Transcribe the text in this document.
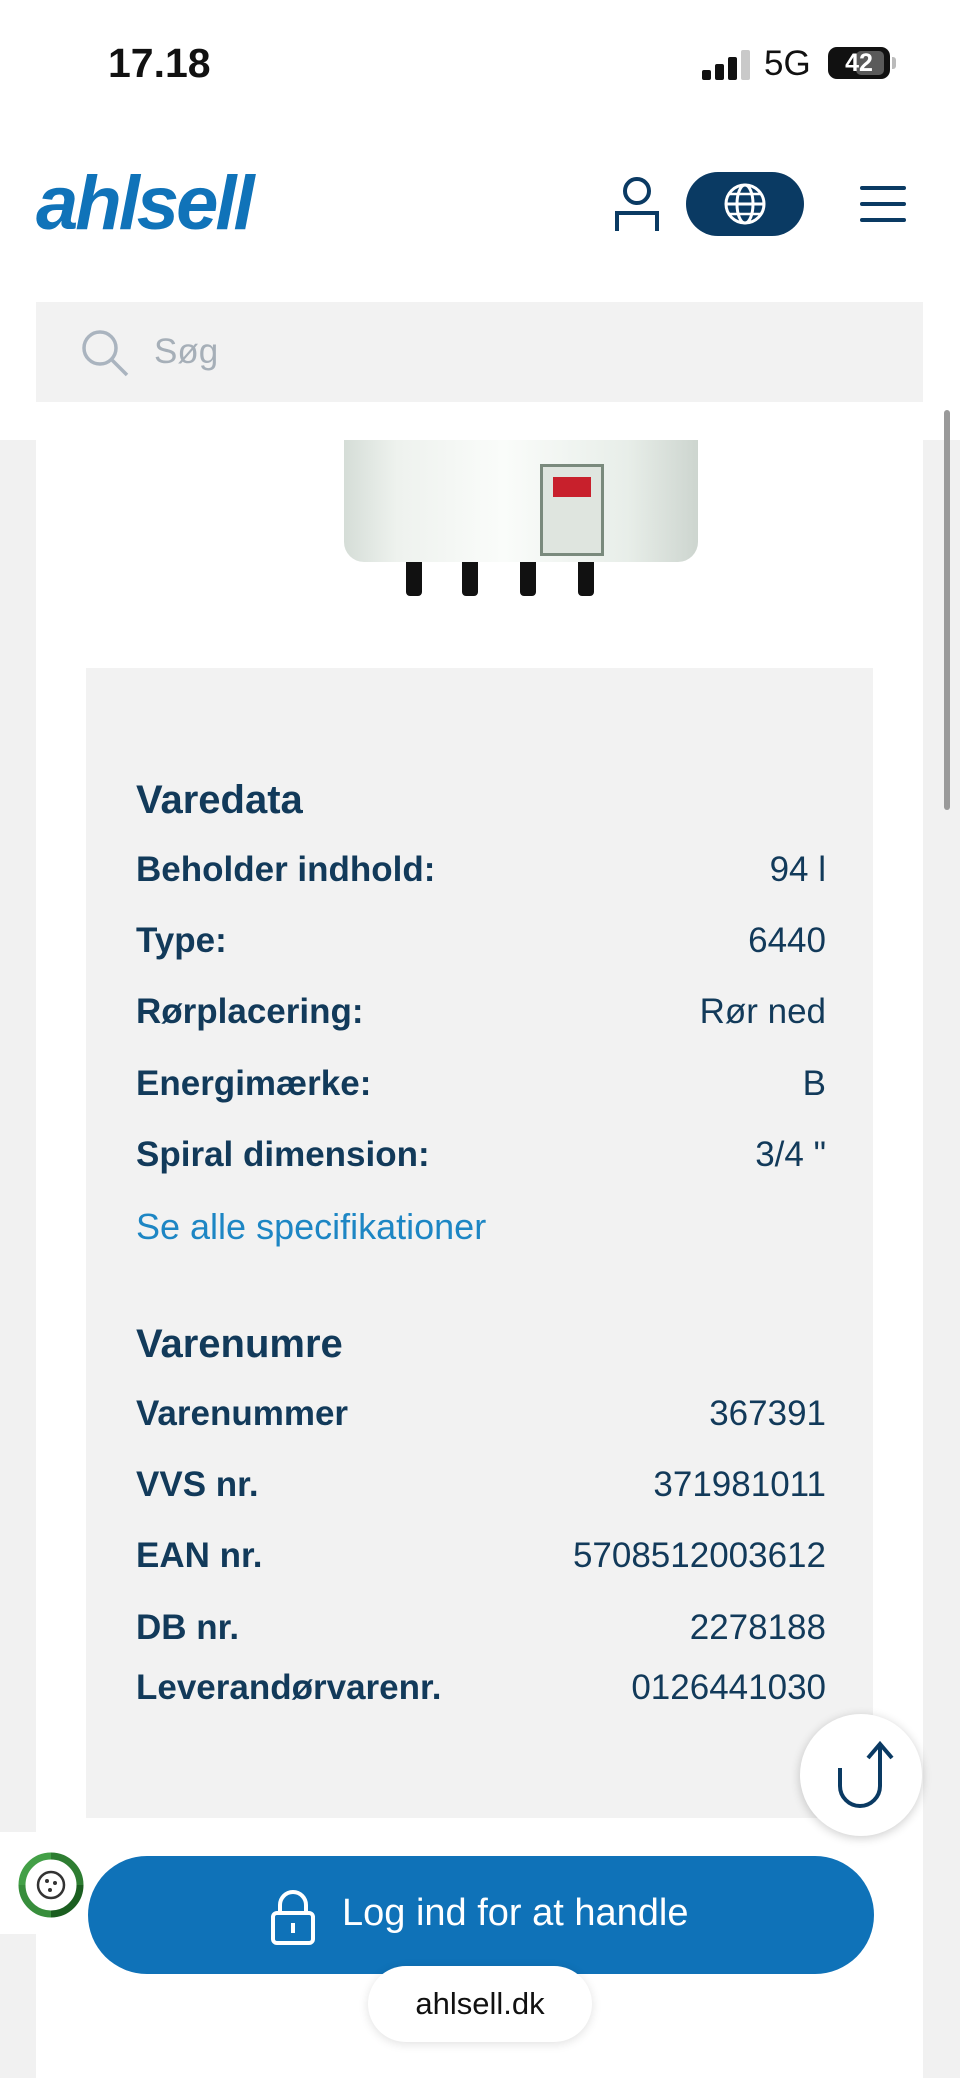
17.18	5G	42
ahlsell
Søg
Varedata
Beholder indhold:	94 l
Type:	6440
Rørplacering:	Rør ned
Energimærke:	B
Spiral dimension:	3/4 "
Se alle specifikationer
Varenumre
Varenummer	367391
VVS nr.	371981011
EAN nr.	5708512003612
DB nr.	2278188
Leverandørvarenr.	0126441030
Log ind for at handle
ahlsell.dk
